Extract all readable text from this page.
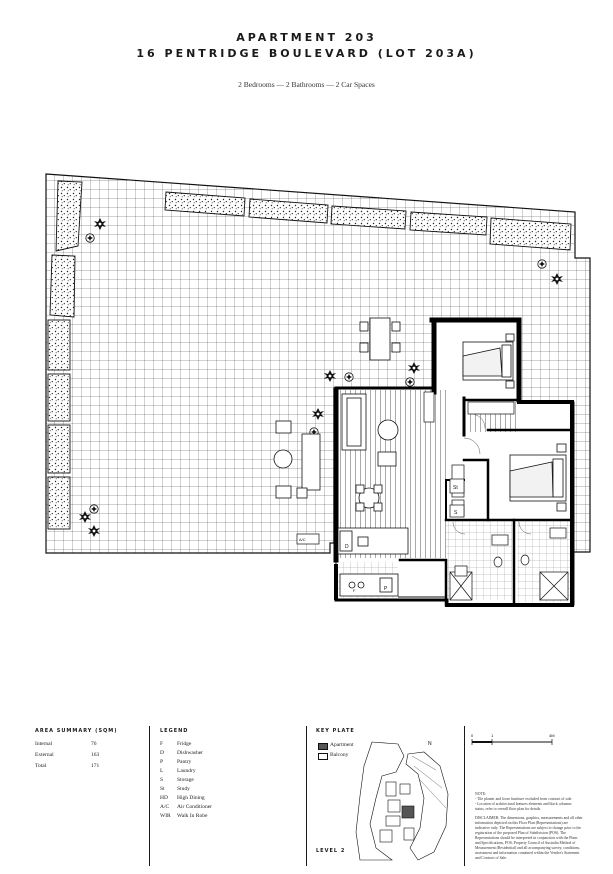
APARTMENT 203
16 PENTRIDGE BOULEVARD (LOT 203A)
2 Bedrooms — 2 Bathrooms — 2 Car Spaces
D
P
F
St
S
A/C
AREA SUMMARY (SQM)
Internal	76
External	163
Total	171
LEGEND
F	Fridge
D Dishwasher
P	Pantry
L Laundry
S	Storage
St Study
HD High Dining
A/C Air Conditioner
WIR Walk In Robe
KEY PLATE
Apartment
Balcony
N
LEVEL 2
0	1	4M
NOTE:
- Tile planter and loose furniture excluded from contract of sale.
- Location of architectural features elements and black columns
status, refer to overall floor plan for details.
DISCLAIMER: The dimensions, graphics, measurements and all other information depicted on this Floor Plan (Representations) are indicative only. The Representations are subject to change prior to the registration of the proposed Plan of Subdivision (POS). The Representations should be interpreted in conjunction with the Plans and Specifications, POS, Property Council of Australia Method of Measurement (Residential) and all accompanying survey, conditions, assessment and information contained within the Vendor's Statement and Contract of Sale.
